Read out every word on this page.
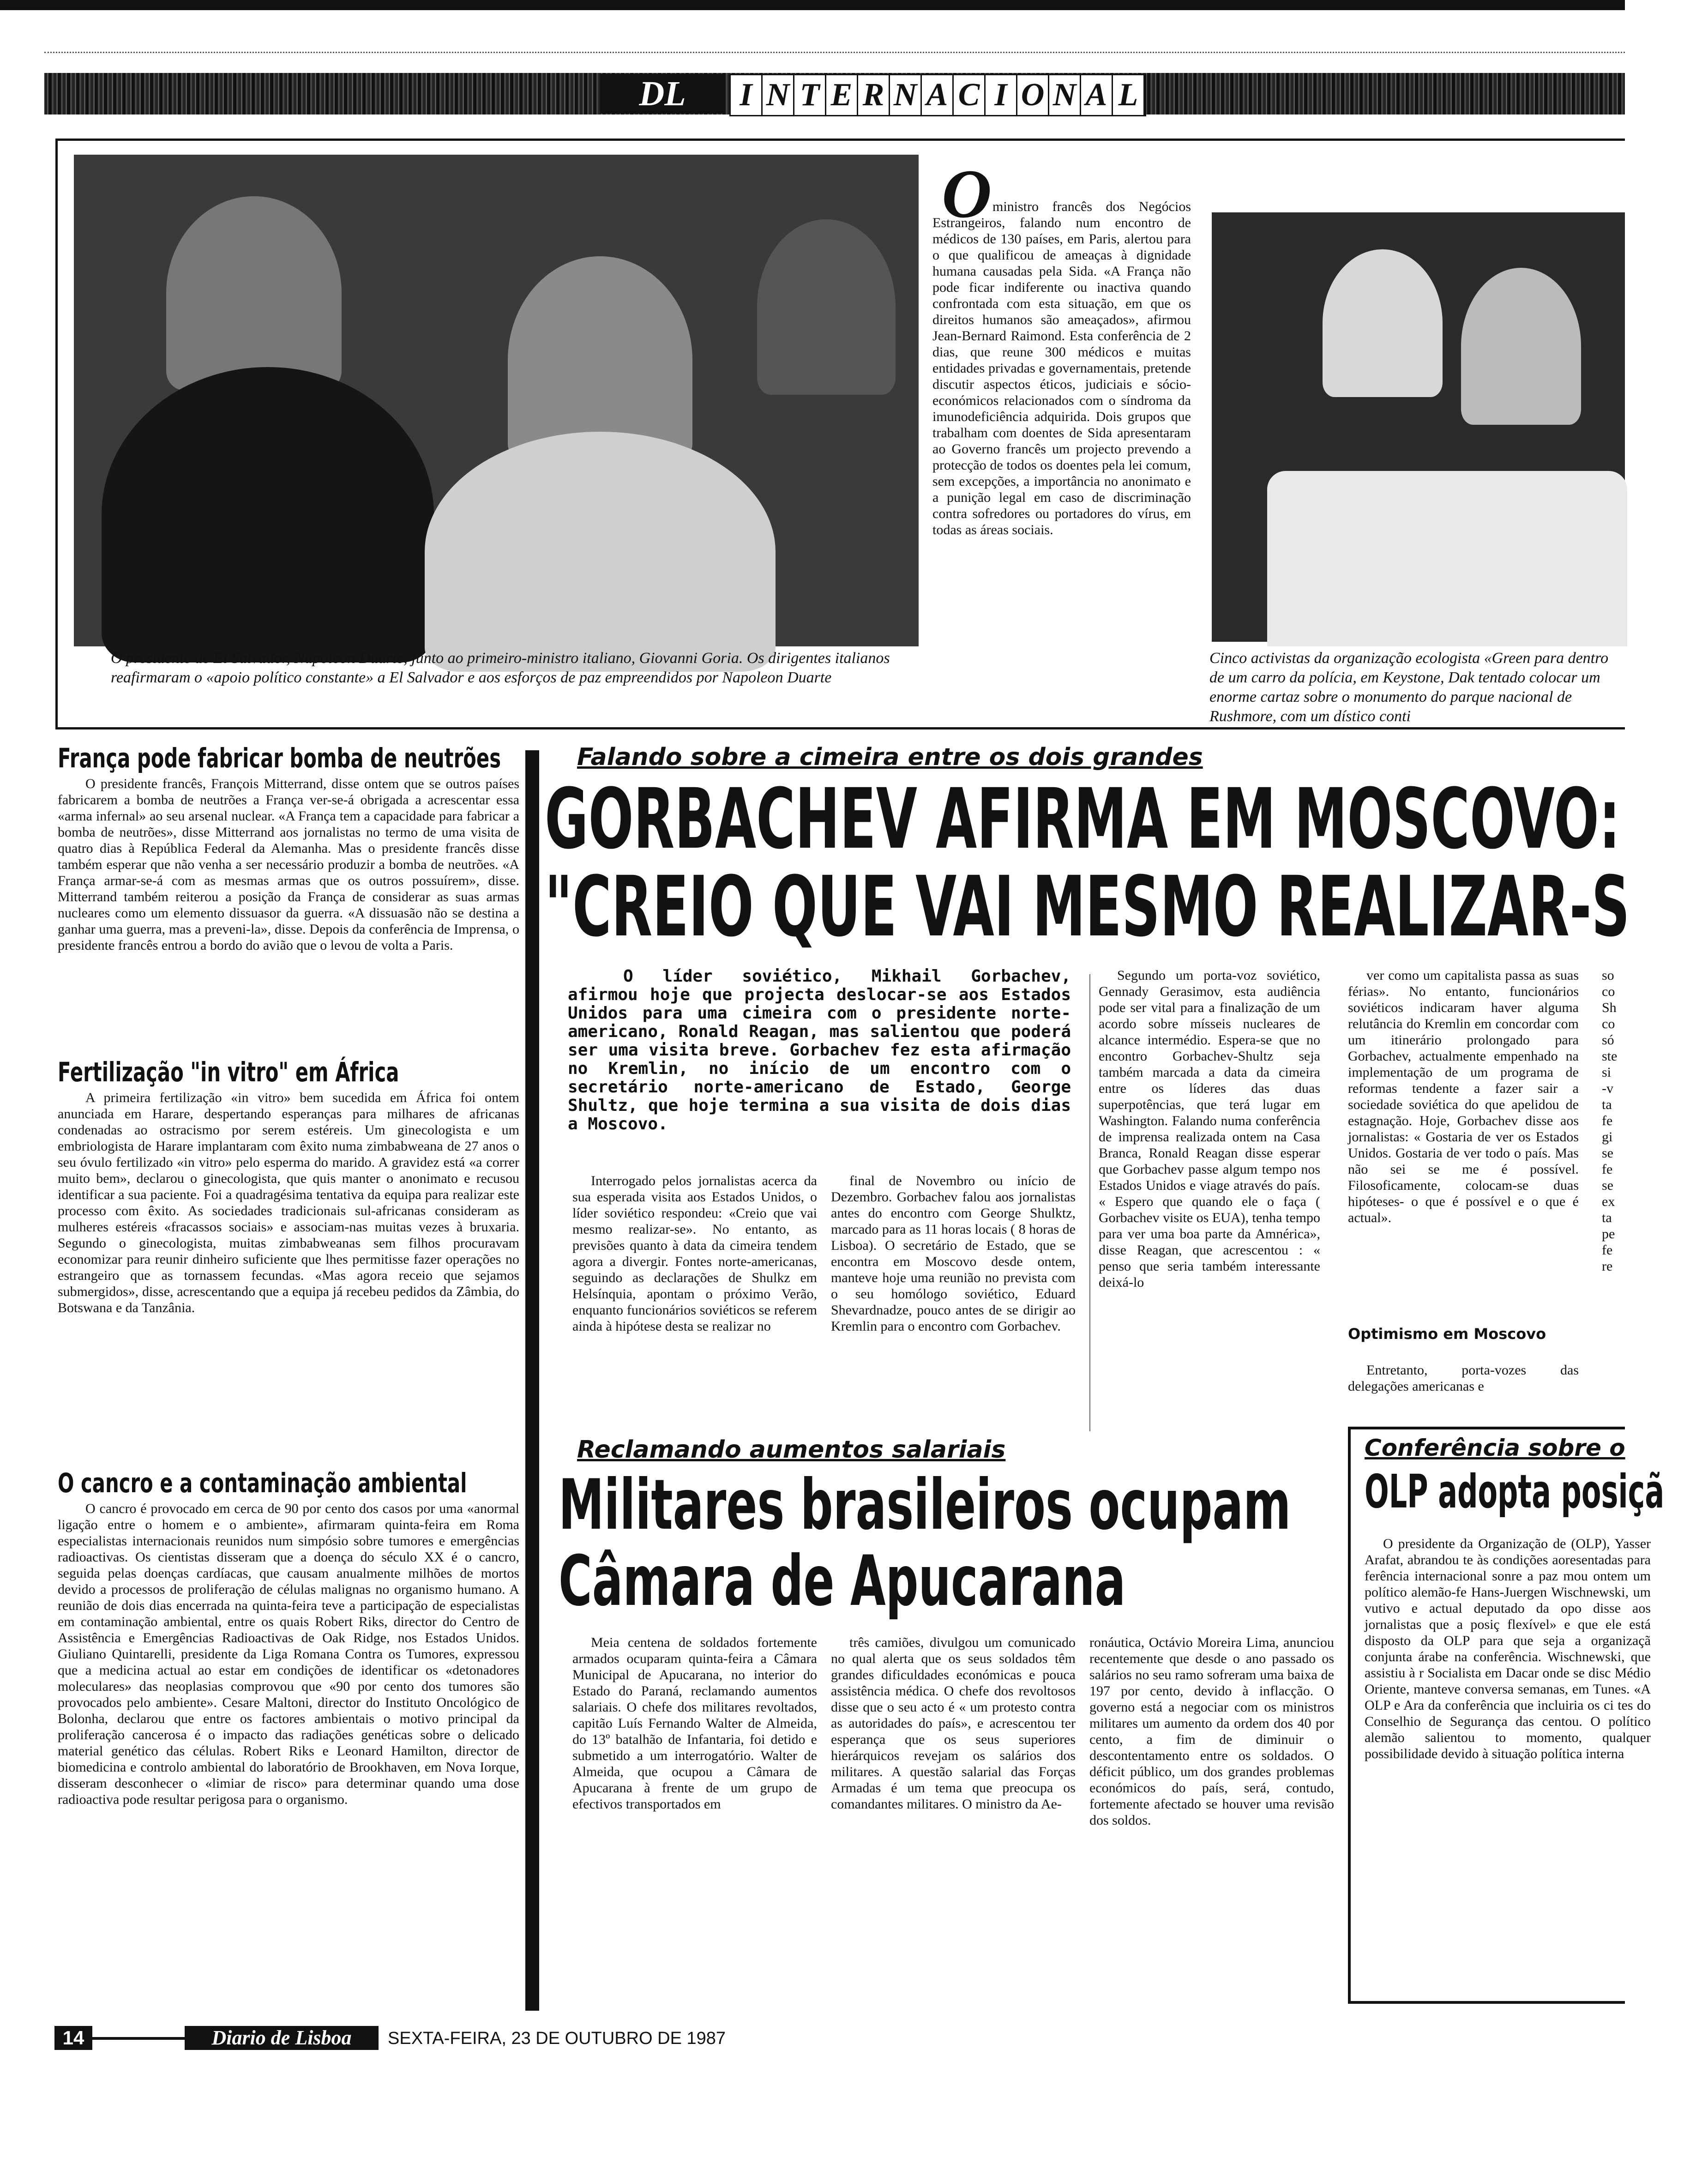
DL	I N T E R N A C I O N A L
O presidente de El Salvador, Napoleon Duarte, junto ao primeiro-ministro italiano, Giovanni Goria. Os dirigentes italianos reafirmaram o «apoio político constante» a El Salvador e aos esforços de paz empreendidos por Napoleon Duarte
O ministro francês dos Negócios Estrangeiros, falando num encontro de médicos de 130 países, em Paris, alertou para o que qualificou de ameaças à dignidade humana causadas pela Sida. «A França não pode ficar indiferente ou inactiva quando confrontada com esta situação, em que os direitos humanos são ameaçados», afirmou Jean-Bernard Raimond. Esta conferência de 2 dias, que reune 300 médicos e muitas entidades privadas e governamentais, pretende discutir aspectos éticos, judiciais e sócio-económicos relacionados com o síndroma da imunodeficiência adquirida. Dois grupos que trabalham com doentes de Sida apresentaram ao Governo francês um projecto prevendo a protecção de todos os doentes pela lei comum, sem excepções, a importância no anonimato e a punição legal em caso de discriminação contra sofredores ou portadores do vírus, em todas as áreas sociais.
Cinco activistas da organização ecologista «Green para dentro de um carro da polícia, em Keystone, Dak tentado colocar um enorme cartaz sobre o monumento do parque nacional de Rushmore, com um dístico conti
França pode fabricar bomba de neutrões
O presidente francês, François Mitterrand, disse ontem que se outros países fabricarem a bomba de neutrões a França ver-se-á obrigada a acrescentar essa «arma infernal» ao seu arsenal nuclear. «A França tem a capacidade para fabricar a bomba de neutrões», disse Mitterrand aos jornalistas no termo de uma visita de quatro dias à República Federal da Alemanha. Mas o presidente francês disse também esperar que não venha a ser necessário produzir a bomba de neutrões. «A França armar-se-á com as mesmas armas que os outros possuírem», disse. Mitterrand também reiterou a posição da França de considerar as suas armas nucleares como um elemento dissuasor da guerra. «A dissuasão não se destina a ganhar uma guerra, mas a preveni-la», disse. Depois da conferência de Imprensa, o presidente francês entrou a bordo do avião que o levou de volta a Paris.
Fertilização "in vitro" em África
A primeira fertilização «in vitro» bem sucedida em África foi ontem anunciada em Harare, despertando esperanças para milhares de africanas condenadas ao ostracismo por serem estéreis. Um ginecologista e um embriologista de Harare implantaram com êxito numa zimbabweana de 27 anos o seu óvulo fertilizado «in vitro» pelo esperma do marido. A gravidez está «a correr muito bem», declarou o ginecologista, que quis manter o anonimato e recusou identificar a sua paciente. Foi a quadragésima tentativa da equipa para realizar este processo com êxito. As sociedades tradicionais sul-africanas consideram as mulheres estéreis «fracassos sociais» e associam-nas muitas vezes à bruxaria. Segundo o ginecologista, muitas zimbabweanas sem filhos procuravam economizar para reunir dinheiro suficiente que lhes permitisse fazer operações no estrangeiro que as tornassem fecundas. «Mas agora receio que sejamos submergidos», disse, acrescentando que a equipa já recebeu pedidos da Zâmbia, do Botswana e da Tanzânia.
O cancro e a contaminação ambiental
O cancro é provocado em cerca de 90 por cento dos casos por uma «anormal ligação entre o homem e o ambiente», afirmaram quinta-feira em Roma especialistas internacionais reunidos num simpósio sobre tumores e emergências radioactivas. Os cientistas disseram que a doença do século XX é o cancro, seguida pelas doenças cardíacas, que causam anualmente milhões de mortos devido a processos de proliferação de células malignas no organismo humano. A reunião de dois dias encerrada na quinta-feira teve a participação de especialistas em contaminação ambiental, entre os quais Robert Riks, director do Centro de Assistência e Emergências Radioactivas de Oak Ridge, nos Estados Unidos. Giuliano Quintarelli, presidente da Liga Romana Contra os Tumores, expressou que a medicina actual ao estar em condições de identificar os «detonadores moleculares» das neoplasias comprovou que «90 por cento dos tumores são provocados pelo ambiente». Cesare Maltoni, director do Instituto Oncológico de Bolonha, declarou que entre os factores ambientais o motivo principal da proliferação cancerosa é o impacto das radiações genéticas sobre o delicado material genético das células. Robert Riks e Leonard Hamilton, director de biomedicina e controlo ambiental do laboratório de Brookhaven, em Nova Iorque, disseram desconhecer o «limiar de risco» para determinar quando uma dose radioactiva pode resultar perigosa para o organismo.
Falando sobre a cimeira entre os dois grandes
GORBACHEV AFIRMA EM MOSCOVO:
"CREIO QUE VAI MESMO REALIZAR-S
O líder soviético, Mikhail Gorbachev, afirmou hoje que projecta deslocar-se aos Estados Unidos para uma cimeira com o presidente norte-americano, Ronald Reagan, mas salientou que poderá ser uma visita breve. Gorbachev fez esta afirmação no Kremlin, no início de um encontro com o secretário norte-americano de Estado, George Shultz, que hoje termina a sua visita de dois dias a Moscovo.
Interrogado pelos jornalistas acerca da sua esperada visita aos Estados Unidos, o líder soviético respondeu: «Creio que vai mesmo realizar-se». No entanto, as previsões quanto à data da cimeira tendem agora a divergir. Fontes norte-americanas, seguindo as declarações de Shulkz em Helsínquia, apontam o próximo Verão, enquanto funcionários soviéticos se referem ainda à hipótese desta se realizar no
final de Novembro ou início de Dezembro. Gorbachev falou aos jornalistas antes do encontro com George Shulktz, marcado para as 11 horas locais ( 8 horas de Lisboa). O secretário de Estado, que se encontra em Moscovo desde ontem, manteve hoje uma reunião no prevista com o seu homólogo soviético, Eduard Shevardnadze, pouco antes de se dirigir ao Kremlin para o encontro com Gorbachev.
Segundo um porta-voz soviético, Gennady Gerasimov, esta audiência pode ser vital para a finalização de um acordo sobre mísseis nucleares de alcance intermédio. Espera-se que no encontro Gorbachev-Shultz seja também marcada a data da cimeira entre os líderes das duas superpotências, que terá lugar em Washington. Falando numa conferência de imprensa realizada ontem na Casa Branca, Ronald Reagan disse esperar que Gorbachev passe algum tempo nos Estados Unidos e viage através do país. « Espero que quando ele o faça ( Gorbachev visite os EUA), tenha tempo para ver uma boa parte da Amnérica», disse Reagan, que acrescentou : « penso que seria também interessante deixá-lo
ver como um capitalista passa as suas férias». No entanto, funcionários soviéticos indicaram haver alguma relutância do Kremlin em concordar com um itinerário prolongado para Gorbachev, actualmente empenhado na implementação de um programa de reformas tendente a fazer sair a sociedade soviética do que apelidou de estagnação. Hoje, Gorbachev disse aos jornalistas: « Gostaria de ver os Estados Unidos. Gostaria de ver todo o país. Mas não sei se me é possível. Filosoficamente, colocam-se duas hipóteses- o que é possível e o que é actual».
Optimismo em Moscovo
Entretanto, porta-vozes das delegações americanas e
so co Sh co só ste si -v ta fe gi se fe se ex ta pe fe re
Reclamando aumentos salariais
Militares brasileiros ocupam
Câmara de Apucarana
Meia centena de soldados fortemente armados ocuparam quinta-feira a Câmara Municipal de Apucarana, no interior do Estado do Paraná, reclamando aumentos salariais. O chefe dos militares revoltados, capitão Luís Fernando Walter de Almeida, do 13º batalhão de Infantaria, foi detido e submetido a um interrogatório. Walter de Almeida, que ocupou a Câmara de Apucarana à frente de um grupo de efectivos transportados em
três camiões, divulgou um comunicado no qual alerta que os seus soldados têm grandes dificuldades económicas e pouca assistência médica. O chefe dos revoltosos disse que o seu acto é « um protesto contra as autoridades do país», e acrescentou ter esperança que os seus superiores hierárquicos revejam os salários dos militares. A questão salarial das Forças Armadas é um tema que preocupa os comandantes militares. O ministro da Ae-
ronáutica, Octávio Moreira Lima, anunciou recentemente que desde o ano passado os salários no seu ramo sofreram uma baixa de 197 por cento, devido à inflacção. O governo está a negociar com os ministros militares um aumento da ordem dos 40 por cento, a fim de diminuir o descontentamento entre os soldados. O déficit público, um dos grandes problemas económicos do país, será, contudo, fortemente afectado se houver uma revisão dos soldos.
Conferência sobre o
OLP adopta posiçã
O presidente da Organização de (OLP), Yasser Arafat, abrandou te às condições aoresentadas para ferência internacional sonre a paz mou ontem um político alemão-fe Hans-Juergen Wischnewski, um vutivo e actual deputado da opo disse aos jornalistas que a posiç flexível» e que ele está disposto da OLP para que seja a organizaçã conjunta árabe na conferência. Wischnewski, que assistiu à r Socialista em Dacar onde se disc Médio Oriente, manteve conversa semanas, em Tunes. «A OLP e Ara da conferência que incluiria os ci tes do Conselhio de Segurança das centou. O político alemão salientou to momento, qualquer possibilidade devido à situação política interna
14	Diario de Lisboa	SEXTA-FEIRA, 23 DE OUTUBRO DE 1987
